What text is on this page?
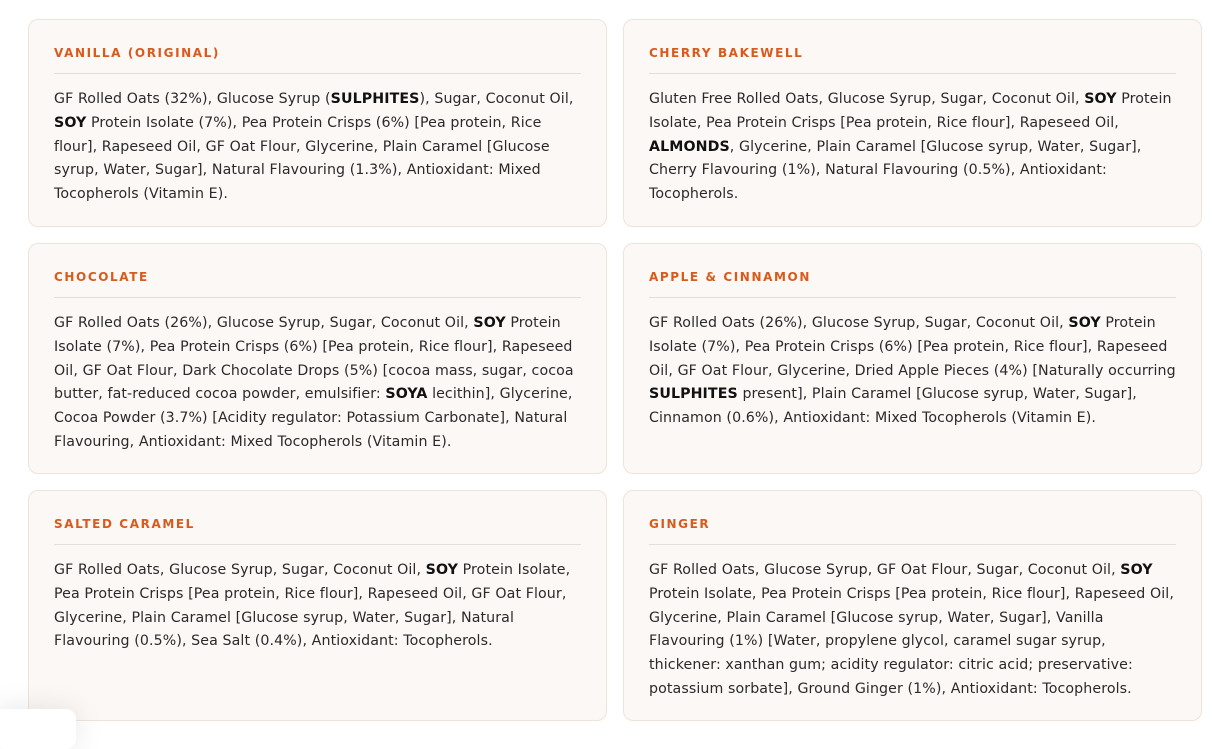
VANILLA (ORIGINAL)

GF Rolled Oats (32%), Glucose Syrup (SULPHITES), Sugar, Coconut Oil, SOY Protein Isolate (7%), Pea Protein Crisps (6%) [Pea protein, Rice flour], Rapeseed Oil, GF Oat Flour, Glycerine, Plain Caramel [Glucose syrup, Water, Sugar], Natural Flavouring (1.3%), Antioxidant: Mixed Tocopherols (Vitamin E).

CHERRY BAKEWELL

Gluten Free Rolled Oats, Glucose Syrup, Sugar, Coconut Oil, SOY Protein Isolate, Pea Protein Crisps [Pea protein, Rice flour], Rapeseed Oil, ALMONDS, Glycerine, Plain Caramel [Glucose syrup, Water, Sugar], Cherry Flavouring (1%), Natural Flavouring (0.5%), Antioxidant: Tocopherols.

CHOCOLATE

GF Rolled Oats (26%), Glucose Syrup, Sugar, Coconut Oil, SOY Protein Isolate (7%), Pea Protein Crisps (6%) [Pea protein, Rice flour], Rapeseed Oil, GF Oat Flour, Dark Chocolate Drops (5%) [cocoa mass, sugar, cocoa butter, fat-reduced cocoa powder, emulsifier: SOYA lecithin], Glycerine, Cocoa Powder (3.7%) [Acidity regulator: Potassium Carbonate], Natural Flavouring, Antioxidant: Mixed Tocopherols (Vitamin E).

APPLE & CINNAMON

GF Rolled Oats (26%), Glucose Syrup, Sugar, Coconut Oil, SOY Protein Isolate (7%), Pea Protein Crisps (6%) [Pea protein, Rice flour], Rapeseed Oil, GF Oat Flour, Glycerine, Dried Apple Pieces (4%) [Naturally occurring SULPHITES present], Plain Caramel [Glucose syrup, Water, Sugar], Cinnamon (0.6%), Antioxidant: Mixed Tocopherols (Vitamin E).

SALTED CARAMEL

GF Rolled Oats, Glucose Syrup, Sugar, Coconut Oil, SOY Protein Isolate, Pea Protein Crisps [Pea protein, Rice flour], Rapeseed Oil, GF Oat Flour, Glycerine, Plain Caramel [Glucose syrup, Water, Sugar], Natural Flavouring (0.5%), Sea Salt (0.4%), Antioxidant: Tocopherols.

GINGER

GF Rolled Oats, Glucose Syrup, GF Oat Flour, Sugar, Coconut Oil, SOY Protein Isolate, Pea Protein Crisps [Pea protein, Rice flour], Rapeseed Oil, Glycerine, Plain Caramel [Glucose syrup, Water, Sugar], Vanilla Flavouring (1%) [Water, propylene glycol, caramel sugar syrup, thickener: xanthan gum; acidity regulator: citric acid; preservative: potassium sorbate], Ground Ginger (1%), Antioxidant: Tocopherols.
